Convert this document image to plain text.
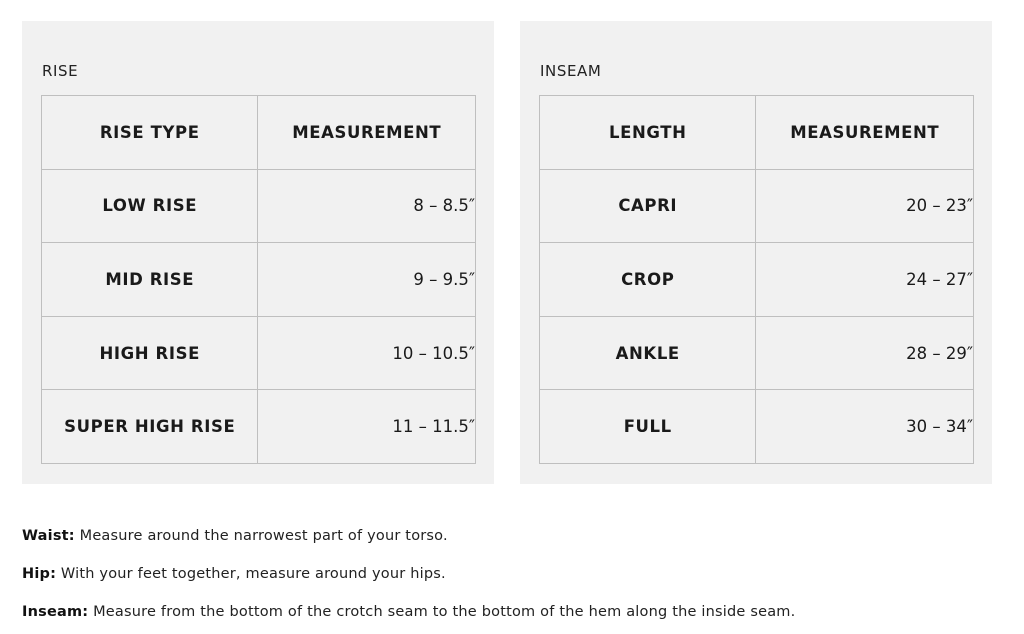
RISE
RISE TYPE	MEASUREMENT
LOW RISE	8 – 8.5″
MID RISE	9 – 9.5″
HIGH RISE	10 – 10.5″
SUPER HIGH RISE	11 – 11.5″
INSEAM
LENGTH	MEASUREMENT
CAPRI	20 – 23″
CROP	24 – 27″
ANKLE	28 – 29″
FULL	30 – 34″
Waist: Measure around the narrowest part of your torso.
Hip: With your feet together, measure around your hips.
Inseam: Measure from the bottom of the crotch seam to the bottom of the hem along the inside seam.
